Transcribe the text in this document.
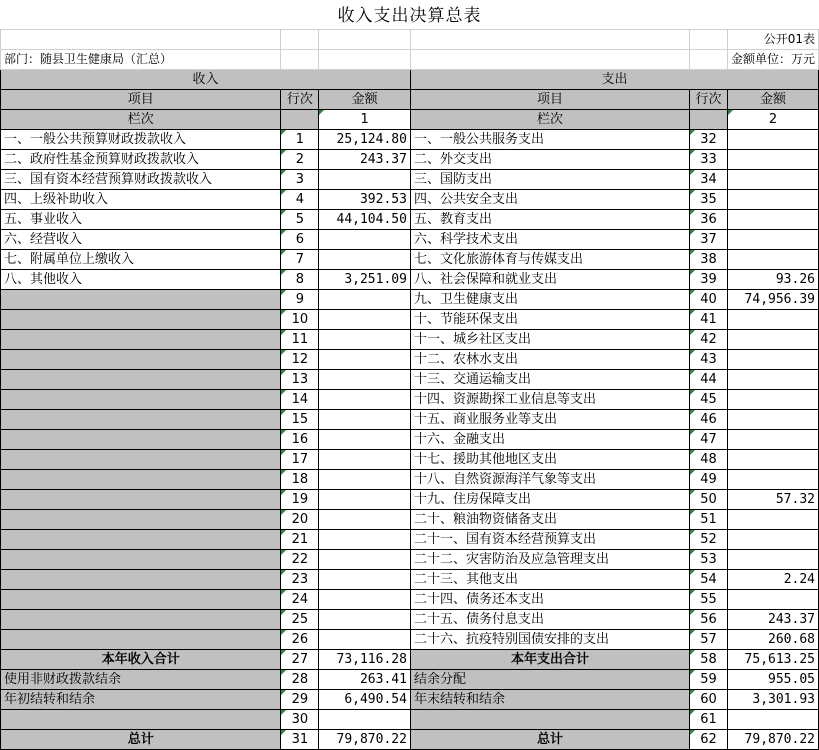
收入支出决算总表
					公开01表
部门：随县卫生健康局（汇总）					金额单位：万元
收入			支出		
项目	行次	金额	项目	行次	金额
栏次		1	栏次		2
一、一般公共预算财政拨款收入	1	25,124.80	一、一般公共服务支出	32	
二、政府性基金预算财政拨款收入	2	243.37	二、外交支出	33	
三、国有资本经营预算财政拨款收入	3		三、国防支出	34	
四、上级补助收入	4	392.53	四、公共安全支出	35	
五、事业收入	5	44,104.50	五、教育支出	36	
六、经营收入	6		六、科学技术支出	37	
七、附属单位上缴收入	7		七、文化旅游体育与传媒支出	38	
八、其他收入	8	3,251.09	八、社会保障和就业支出	39	93.26
	9		九、卫生健康支出	40	74,956.39
	10		十、节能环保支出	41	
	11		十一、城乡社区支出	42	
	12		十二、农林水支出	43	
	13		十三、交通运输支出	44	
	14		十四、资源勘探工业信息等支出	45	
	15		十五、商业服务业等支出	46	
	16		十六、金融支出	47	
	17		十七、援助其他地区支出	48	
	18		十八、自然资源海洋气象等支出	49	
	19		十九、住房保障支出	50	57.32
	20		二十、粮油物资储备支出	51	
	21		二十一、国有资本经营预算支出	52	
	22		二十二、灾害防治及应急管理支出	53	
	23		二十三、其他支出	54	2.24
	24		二十四、债务还本支出	55	
	25		二十五、债务付息支出	56	243.37
	26		二十六、抗疫特别国债安排的支出	57	260.68
本年收入合计	27	73,116.28	本年支出合计	58	75,613.25
使用非财政拨款结余	28	263.41	结余分配	59	955.05
年初结转和结余	29	6,490.54	年末结转和结余	60	3,301.93
	30			61	
总计	31	79,870.22	总计	62	79,870.22
